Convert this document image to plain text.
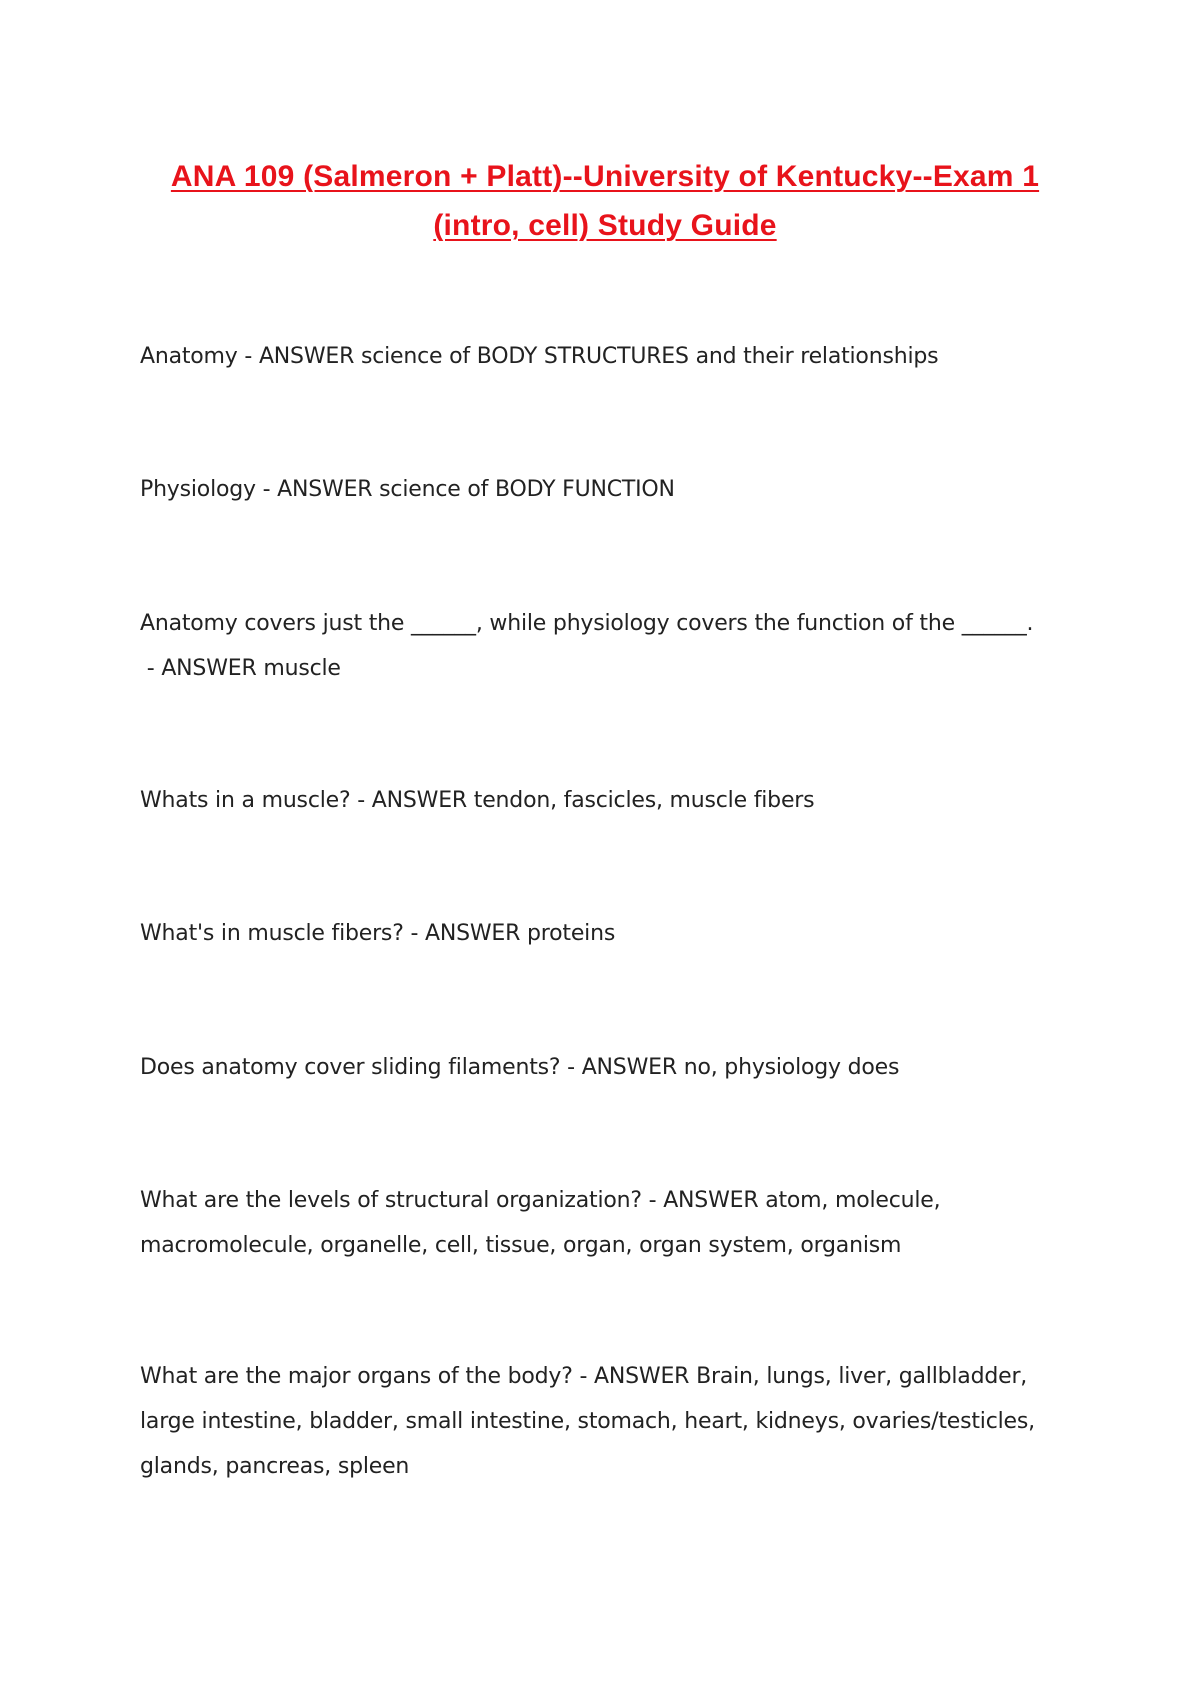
ANA 109 (Salmeron + Platt)--University of Kentucky--Exam 1 (intro, cell) Study Guide

Anatomy - ANSWER science of BODY STRUCTURES and their relationships

Physiology - ANSWER science of BODY FUNCTION

Anatomy covers just the ______, while physiology covers the function of the ______. - ANSWER muscle

Whats in a muscle? - ANSWER tendon, fascicles, muscle fibers

What's in muscle fibers? - ANSWER proteins

Does anatomy cover sliding filaments? - ANSWER no, physiology does

What are the levels of structural organization? - ANSWER atom, molecule, macromolecule, organelle, cell, tissue, organ, organ system, organism

What are the major organs of the body? - ANSWER Brain, lungs, liver, gallbladder, large intestine, bladder, small intestine, stomach, heart, kidneys, ovaries/testicles, glands, pancreas, spleen
